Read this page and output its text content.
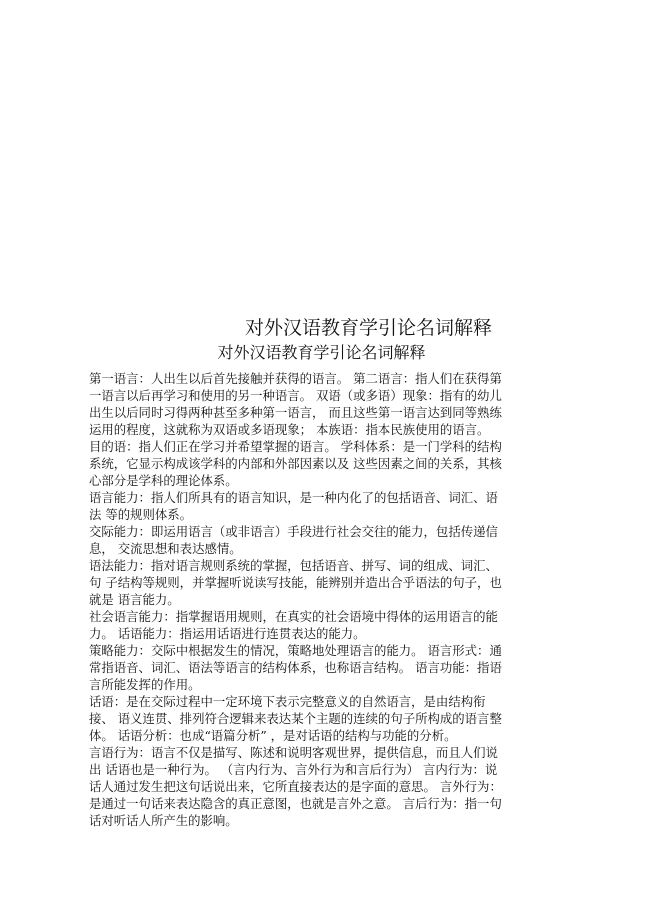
对外汉语教育学引论名词解释
对外汉语教育学引论名词解释
第一语言：人出生以后首先接触并获得的语言。 第二语言：指人们在获得第
一语言以后再学习和使用的另一种语言。 双语（或多语）现象：指有的幼儿
出生以后同时习得两种甚至多种第一语言， 而且这些第一语言达到同等熟练
运用的程度，这就称为双语或多语现象； 本族语：指本民族使用的语言。
目的语：指人们正在学习并希望掌握的语言。 学科体系：是一门学科的结构
系统，它显示构成该学科的内部和外部因素以及 这些因素之间的关系，其核
心部分是学科的理论体系。
语言能力：指人们所具有的语言知识，是一种内化了的包括语音、词汇、语
法 等的规则体系。
交际能力：即运用语言（或非语言）手段进行社会交往的能力，包括传递信
息， 交流思想和表达感情。
语法能力：指对语言规则系统的掌握，包括语音、拼写、词的组成、词汇、
句 子结构等规则，并掌握听说读写技能，能辨别并造出合乎语法的句子，也
就是 语言能力。
社会语言能力：指掌握语用规则，在真实的社会语境中得体的运用语言的能
力。 话语能力：指运用话语进行连贯表达的能力。
策略能力：交际中根据发生的情况，策略地处理语言的能力。 语言形式：通
常指语音、词汇、语法等语言的结构体系，也称语言结构。 语言功能：指语
言所能发挥的作用。
话语：是在交际过程中一定环境下表示完整意义的自然语言，是由结构衔
接、 语义连贯、排列符合逻辑来表达某个主题的连续的句子所构成的语言整
体。 话语分析：也成“语篇分析” ，是对话语的结构与功能的分析。
言语行为：语言不仅是描写、陈述和说明客观世界，提供信息，而且人们说
出 话语也是一种行为。 （言内行为、言外行为和言后行为） 言内行为：说
话人通过发生把这句话说出来，它所直接表达的是字面的意思。 言外行为：
是通过一句话来表达隐含的真正意图，也就是言外之意。 言后行为：指一句
话对听话人所产生的影响。
